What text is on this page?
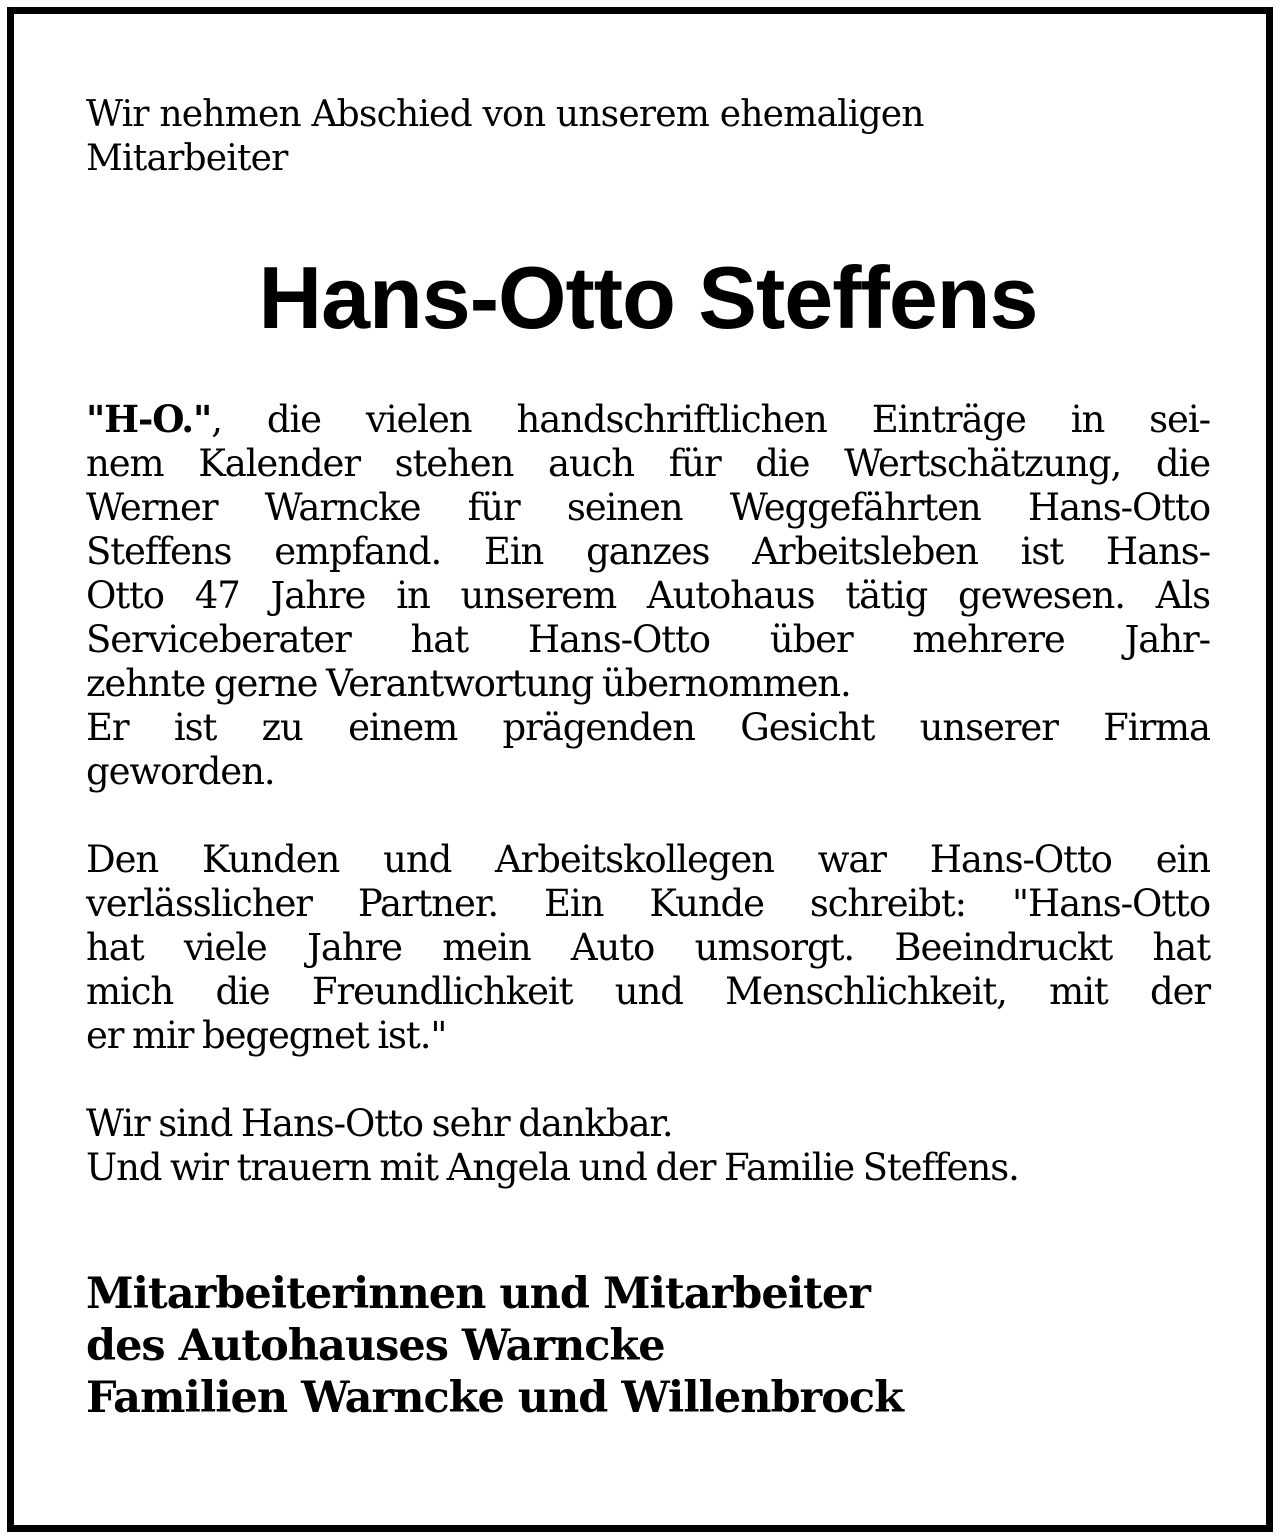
Wir nehmen Abschied von unserem ehemaligen
Mitarbeiter

Hans-Otto Steffens
"H-O.", die vielen handschriftlichen Einträge in sei-
nem Kalender stehen auch für die Wertschätzung, die
Werner Warncke für seinen Weggefährten Hans-Otto
Steffens empfand. Ein ganzes Arbeitsleben ist Hans-
Otto 47 Jahre in unserem Autohaus tätig gewesen. Als
Serviceberater hat Hans-Otto über mehrere Jahr-
zehnte gerne Verantwortung übernommen.
Er ist zu einem prägenden Gesicht unserer Firma
geworden.
Den Kunden und Arbeitskollegen war Hans-Otto ein
verlässlicher Partner. Ein Kunde schreibt: "Hans-Otto
hat viele Jahre mein Auto umsorgt. Beeindruckt hat
mich die Freundlichkeit und Menschlichkeit, mit der
er mir begegnet ist."
Wir sind Hans-Otto sehr dankbar.
Und wir trauern mit Angela und der Familie Steffens.
Mitarbeiterinnen und Mitarbeiter
des Autohauses Warncke
Familien Warncke und Willenbrock
